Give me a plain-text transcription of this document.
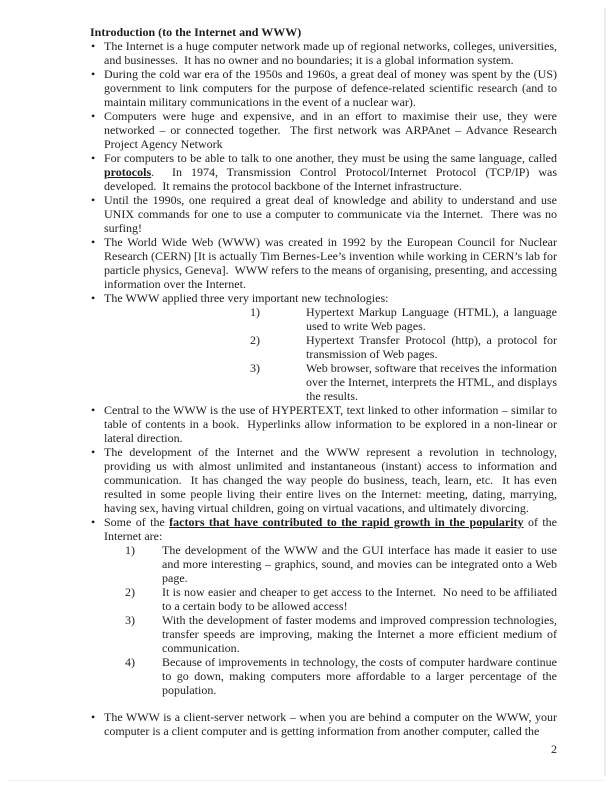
Introduction (to the Internet and WWW)
• The Internet is a huge computer network made up of regional networks, colleges, universities, and businesses.  It has no owner and no boundaries; it is a global information system.
• During the cold war era of the 1950s and 1960s, a great deal of money was spent by the (US) government to link computers for the purpose of defence-related scientific research (and to maintain military communications in the event of a nuclear war).
• Computers were huge and expensive, and in an effort to maximise their use, they were networked – or connected together.  The first network was ARPAnet – Advance Research Project Agency Network
• For computers to be able to talk to one another, they must be using the same language, called protocols.  In 1974, Transmission Control Protocol/Internet Protocol (TCP/IP) was developed.  It remains the protocol backbone of the Internet infrastructure.
• Until the 1990s, one required a great deal of knowledge and ability to understand and use UNIX commands for one to use a computer to communicate via the Internet.  There was no surfing!
• The World Wide Web (WWW) was created in 1992 by the European Council for Nuclear Research (CERN) [It is actually Tim Bernes-Lee’s invention while working in CERN’s lab for particle physics, Geneva].  WWW refers to the means of organising, presenting, and accessing information over the Internet.
• The WWW applied three very important new technologies:
1)	Hypertext Markup Language (HTML), a language used to write Web pages.
2)	Hypertext Transfer Protocol (http), a protocol for transmission of Web pages.
3)	Web browser, software that receives the information over the Internet, interprets the HTML, and displays the results.
• Central to the WWW is the use of HYPERTEXT, text linked to other information – similar to table of contents in a book.  Hyperlinks allow information to be explored in a non-linear or lateral direction.
• The development of the Internet and the WWW represent a revolution in technology, providing us with almost unlimited and instantaneous (instant) access to information and communication.  It has changed the way people do business, teach, learn, etc.  It has even resulted in some people living their entire lives on the Internet: meeting, dating, marrying, having sex, having virtual children, going on virtual vacations, and ultimately divorcing.
• Some of the factors that have contributed to the rapid growth in the popularity of the Internet are:
1) The development of the WWW and the GUI interface has made it easier to use and more interesting – graphics, sound, and movies can be integrated onto a Web page.
2) It is now easier and cheaper to get access to the Internet.  No need to be affiliated to a certain body to be allowed access!
3) With the development of faster modems and improved compression technologies, transfer speeds are improving, making the Internet a more efficient medium of communication.
4) Because of improvements in technology, the costs of computer hardware continue to go down, making computers more affordable to a larger percentage of the population.
• The WWW is a client-server network – when you are behind a computer on the WWW, your computer is a client computer and is getting information from another computer, called the
2
